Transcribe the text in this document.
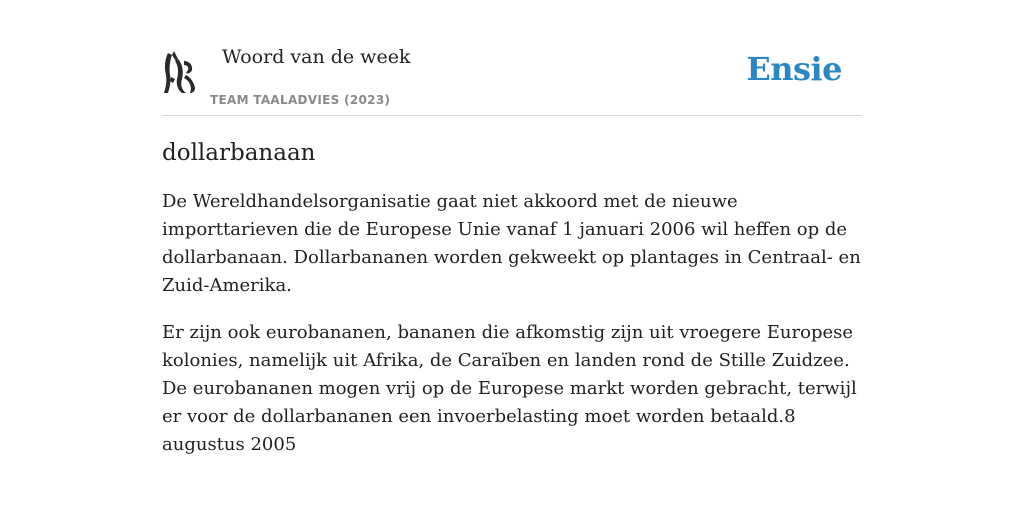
Woord van de week
TEAM TAALADVIES (2023)
Ensie
dollarbanaan

De Wereldhandelsorganisatie gaat niet akkoord met de nieuwe importtarieven die de Europese Unie vanaf 1 januari 2006 wil heffen op de dollarbanaan. Dollarbananen worden gekweekt op plantages in Centraal- en Zuid-Amerika.

Er zijn ook eurobananen, bananen die afkomstig zijn uit vroegere Europese kolonies, namelijk uit Afrika, de Caraïben en landen rond de Stille Zuidzee. De eurobananen mogen vrij op de Europese markt worden gebracht, terwijl er voor de dollarbananen een invoerbelasting moet worden betaald.8 augustus 2005
